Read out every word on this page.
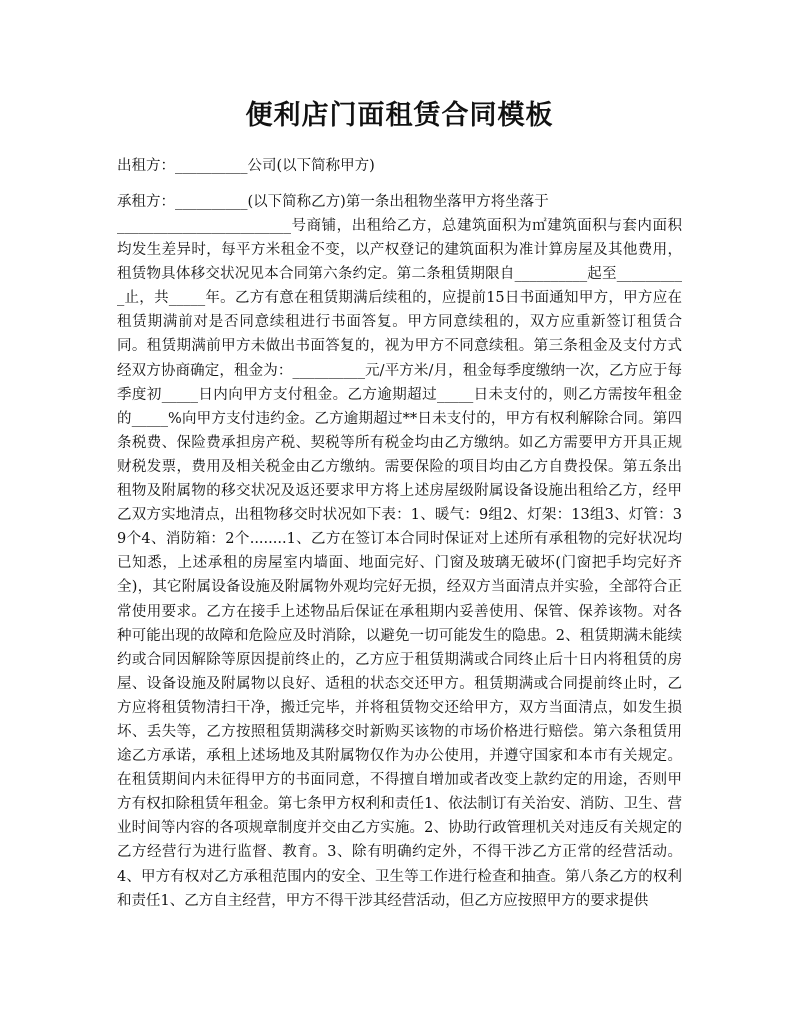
便利店门面租赁合同模板

出租方：__________公司(以下简称甲方)

承租方：__________(以下简称乙方)第一条出租物坐落甲方将坐落于

________________________号商铺，出租给乙方，总建筑面积为㎡建筑面积与套内面积均发生差异时，每平方米租金不变，以产权登记的建筑面积为准计算房屋及其他费用，租赁物具体移交状况见本合同第六条约定。第二条租赁期限自__________起至__________止，共_____年。乙方有意在租赁期满后续租的，应提前15日书面通知甲方，甲方应在租赁期满前对是否同意续租进行书面答复。甲方同意续租的，双方应重新签订租赁合同。租赁期满前甲方未做出书面答复的，视为甲方不同意续租。第三条租金及支付方式经双方协商确定，租金为：__________元/平方米/月，租金每季度缴纳一次，乙方应于每季度初_____日内向甲方支付租金。乙方逾期超过_____日未支付的，则乙方需按年租金的_____%向甲方支付违约金。乙方逾期超过**日未支付的，甲方有权利解除合同。第四条税费、保险费承担房产税、契税等所有税金均由乙方缴纳。如乙方需要甲方开具正规财税发票，费用及相关税金由乙方缴纳。需要保险的项目均由乙方自费投保。第五条出租物及附属物的移交状况及返还要求甲方将上述房屋级附属设备设施出租给乙方，经甲乙双方实地清点，出租物移交时状况如下表：1、暖气：9组2、灯架：13组3、灯管：39个4、消防箱：2个........1、乙方在签订本合同时保证对上述所有承租物的完好状况均已知悉，上述承租的房屋室内墙面、地面完好、门窗及玻璃无破坏(门窗把手均完好齐全)，其它附属设备设施及附属物外观均完好无损，经双方当面清点并实验，全部符合正常使用要求。乙方在接手上述物品后保证在承租期内妥善使用、保管、保养该物。对各种可能出现的故障和危险应及时消除，以避免一切可能发生的隐患。2、租赁期满未能续约或合同因解除等原因提前终止的，乙方应于租赁期满或合同终止后十日内将租赁的房屋、设备设施及附属物以良好、适租的状态交还甲方。租赁期满或合同提前终止时，乙方应将租赁物清扫干净，搬迁完毕，并将租赁物交还给甲方，双方当面清点，如发生损坏、丢失等，乙方按照租赁期满移交时新购买该物的市场价格进行赔偿。第六条租赁用途乙方承诺，承租上述场地及其附属物仅作为办公使用，并遵守国家和本市有关规定。在租赁期间内未征得甲方的书面同意，不得擅自增加或者改变上款约定的用途，否则甲方有权扣除租赁年租金。第七条甲方权利和责任1、依法制订有关治安、消防、卫生、营业时间等内容的各项规章制度并交由乙方实施。2、协助行政管理机关对违反有关规定的乙方经营行为进行监督、教育。3、除有明确约定外，不得干涉乙方正常的经营活动。4、甲方有权对乙方承租范围内的安全、卫生等工作进行检查和抽查。第八条乙方的权利和责任1、乙方自主经营，甲方不得干涉其经营活动，但乙方应按照甲方的要求提供
